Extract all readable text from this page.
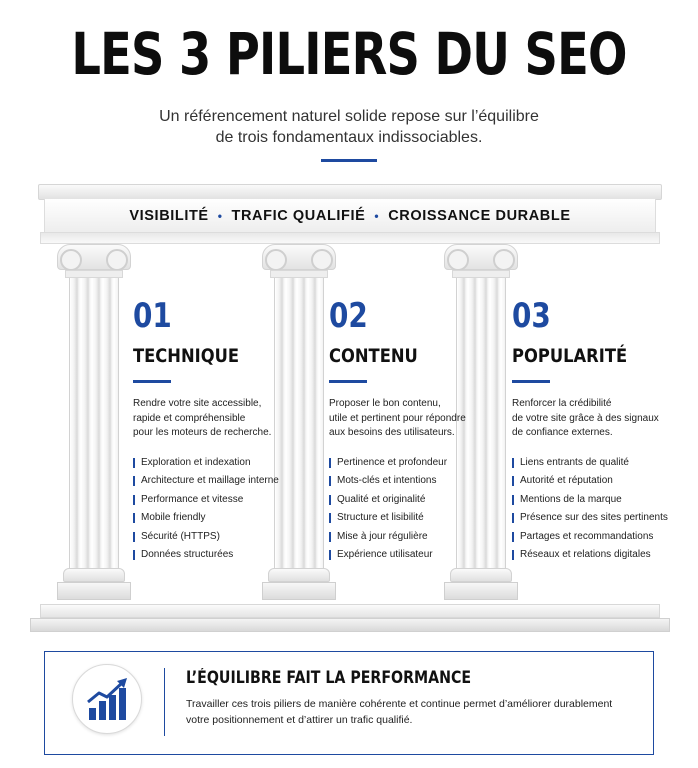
LES 3 PILIERS DU SEO

Un référencement naturel solide repose sur l’équilibre
de trois fondamentaux indissociables.

VISIBILITÉ • TRAFIC QUALIFIÉ • CROISSANCE DURABLE
01
TECHNIQUE

Rendre votre site accessible,
rapide et compréhensible
pour les moteurs de recherche.

Exploration et indexation
Architecture et maillage interne
Performance et vitesse
Mobile friendly
Sécurité (HTTPS)
Données structurées
02
CONTENU

Proposer le bon contenu,
utile et pertinent pour répondre
aux besoins des utilisateurs.

Pertinence et profondeur
Mots-clés et intentions
Qualité et originalité
Structure et lisibilité
Mise à jour régulière
Expérience utilisateur
03
POPULARITÉ

Renforcer la crédibilité
de votre site grâce à des signaux
de confiance externes.

Liens entrants de qualité
Autorité et réputation
Mentions de la marque
Présence sur des sites pertinents
Partages et recommandations
Réseaux et relations digitales
L’ÉQUILIBRE FAIT LA PERFORMANCE

Travailler ces trois piliers de manière cohérente et continue permet d’améliorer durablement
votre positionnement et d’attirer un trafic qualifié.
